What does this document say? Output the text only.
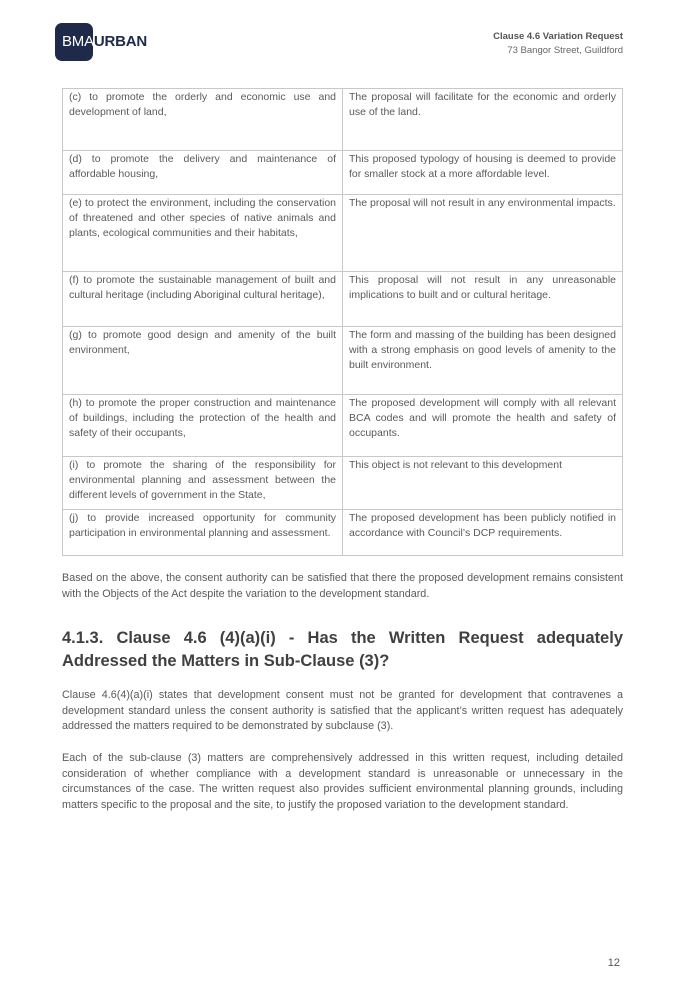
BMAURBAN	Clause 4.6 Variation Request
73 Bangor Street, Guildford
(c) to promote the orderly and economic use and development of land,	The proposal will facilitate for the economic and orderly use of the land.
(d) to promote the delivery and maintenance of affordable housing,	This proposed typology of housing is deemed to provide for smaller stock at a more affordable level.
(e) to protect the environment, including the conservation of threatened and other species of native animals and plants, ecological communities and their habitats,	The proposal will not result in any environmental impacts.
(f) to promote the sustainable management of built and cultural heritage (including Aboriginal cultural heritage),	This proposal will not result in any unreasonable implications to built and or cultural heritage.
(g) to promote good design and amenity of the built environment,	The form and massing of the building has been designed with a strong emphasis on good levels of amenity to the built environment.
(h) to promote the proper construction and maintenance of buildings, including the protection of the health and safety of their occupants,	The proposed development will comply with all relevant BCA codes and will promote the health and safety of occupants.
(i) to promote the sharing of the responsibility for environmental planning and assessment between the different levels of government in the State,	This object is not relevant to this development
(j) to provide increased opportunity for community participation in environmental planning and assessment.	The proposed development has been publicly notified in accordance with Council’s DCP requirements.
Based on the above, the consent authority can be satisfied that there the proposed development remains consistent with the Objects of the Act despite the variation to the development standard.
4.1.3. Clause 4.6 (4)(a)(i) - Has the Written Request adequately Addressed the Matters in Sub-Clause (3)?
Clause 4.6(4)(a)(i) states that development consent must not be granted for development that contravenes a development standard unless the consent authority is satisfied that the applicant’s written request has adequately addressed the matters required to be demonstrated by subclause (3).
Each of the sub-clause (3) matters are comprehensively addressed in this written request, including detailed consideration of whether compliance with a development standard is unreasonable or unnecessary in the circumstances of the case. The written request also provides sufficient environmental planning grounds, including matters specific to the proposal and the site, to justify the proposed variation to the development standard.
12
